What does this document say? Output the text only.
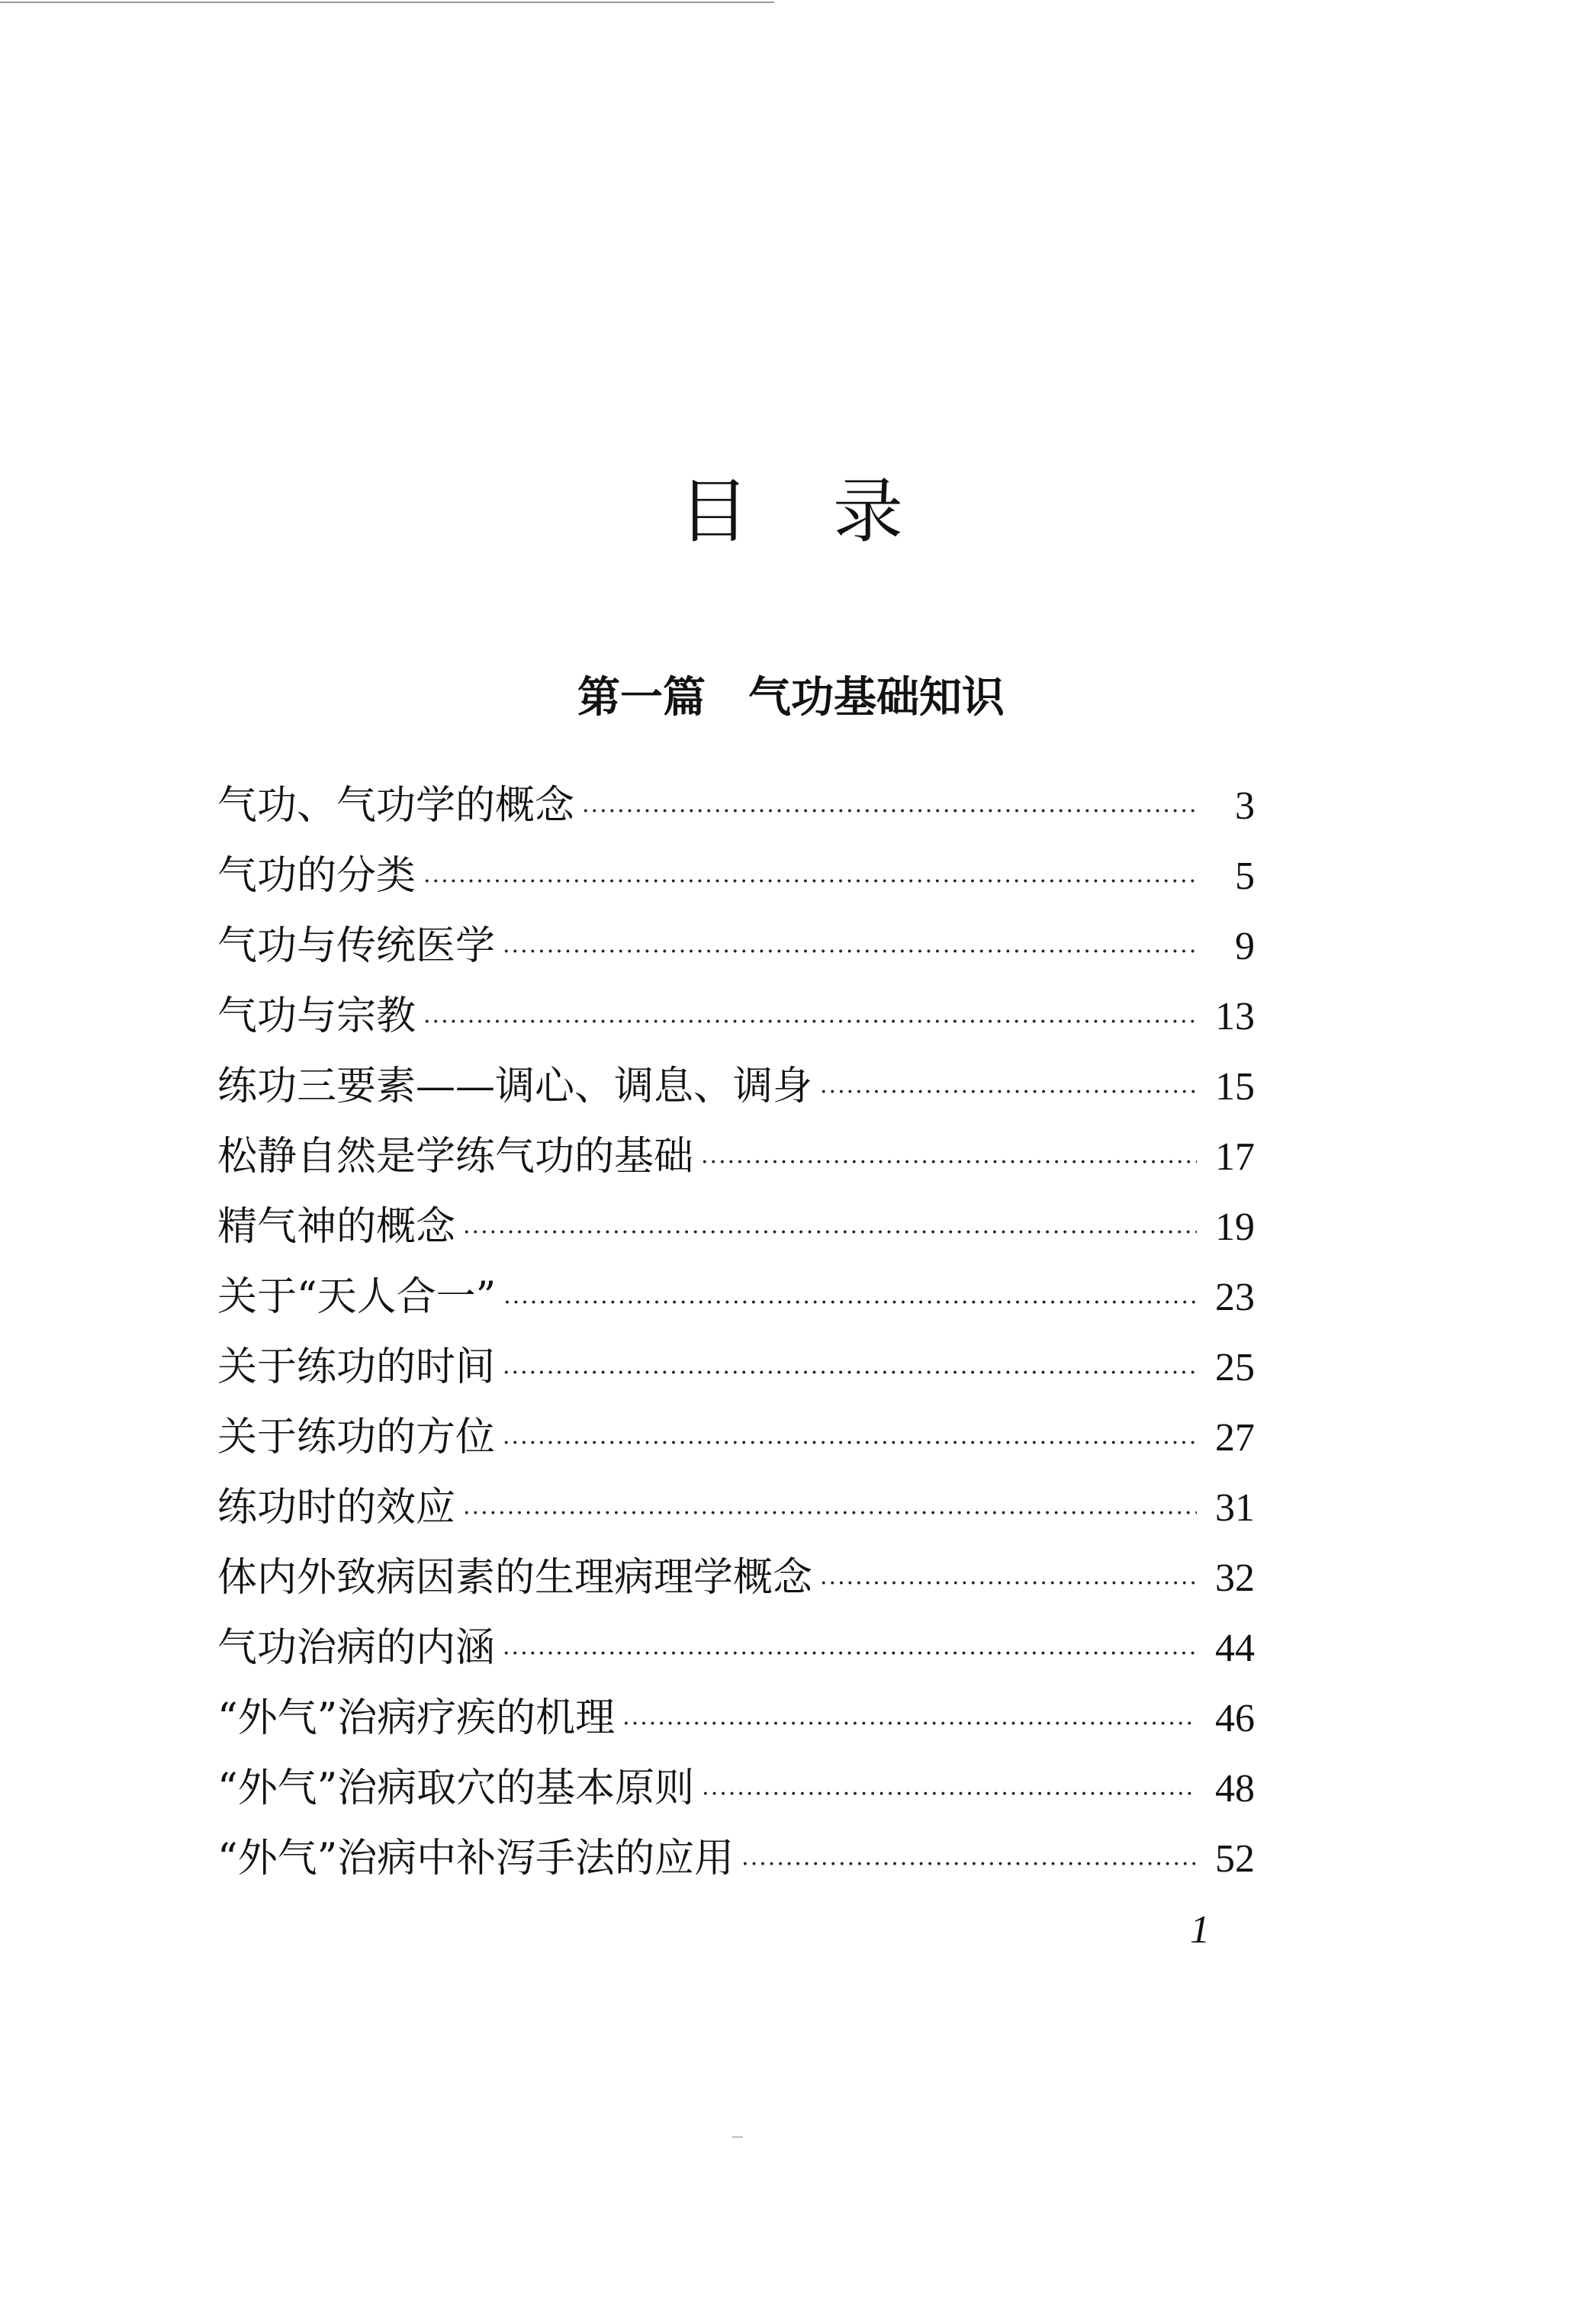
目录
第一篇 气功基础知识
气功、气功学的概念 ·····	3
气功的分类 ·····	5
气功与传统医学 ·····	9
气功与宗教 ·····	13
练功三要素——调心、调息、调身 ·····	15
松静自然是学练气功的基础 ·····	17
精气神的概念 ·····	19
关于“天人合一” ·····	23
关于练功的时间 ·····	25
关于练功的方位 ·····	27
练功时的效应 ·····	31
体内外致病因素的生理病理学概念 ·····	32
气功治病的内涵 ·····	44
“外气”治病疗疾的机理 ·····	46
“外气”治病取穴的基本原则 ·····	48
“外气”治病中补泻手法的应用 ·····	52
1
